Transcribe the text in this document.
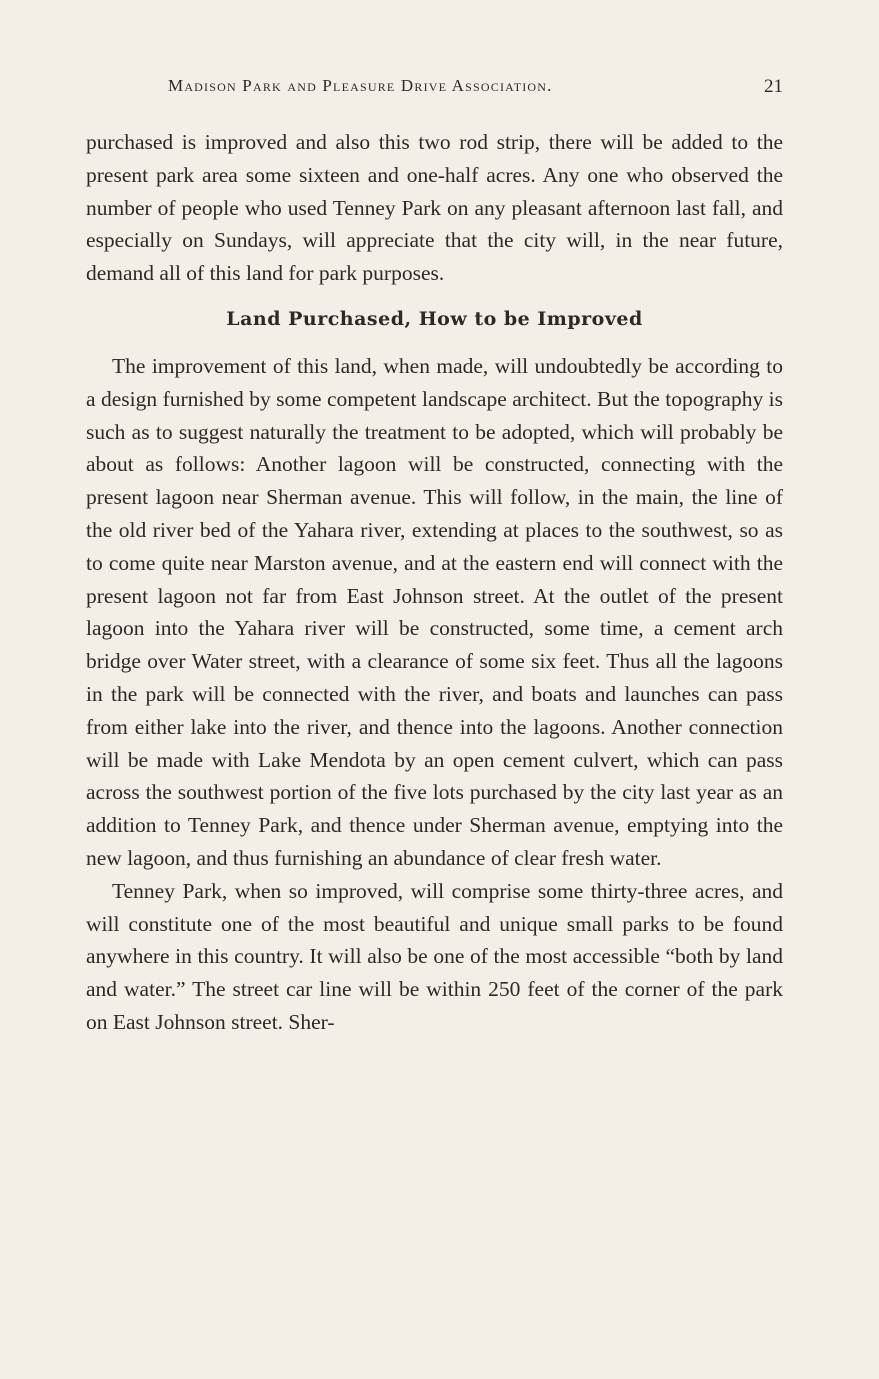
Madison Park and Pleasure Drive Association.	21

purchased is improved and also this two rod strip, there will be added to the present park area some sixteen and one-half acres. Any one who observed the number of people who used Tenney Park on any pleasant afternoon last fall, and especially on Sundays, will appreciate that the city will, in the near future, demand all of this land for park purposes.

Land Purchased, How to be Improved

The improvement of this land, when made, will undoubtedly be according to a design furnished by some competent landscape architect. But the topography is such as to suggest naturally the treatment to be adopted, which will probably be about as follows: Another lagoon will be constructed, connecting with the present lagoon near Sherman avenue. This will follow, in the main, the line of the old river bed of the Yahara river, extending at places to the southwest, so as to come quite near Marston avenue, and at the eastern end will connect with the present lagoon not far from East Johnson street. At the outlet of the present lagoon into the Yahara river will be constructed, some time, a cement arch bridge over Water street, with a clearance of some six feet. Thus all the lagoons in the park will be connected with the river, and boats and launches can pass from either lake into the river, and thence into the lagoons. Another connection will be made with Lake Mendota by an open cement culvert, which can pass across the southwest portion of the five lots purchased by the city last year as an addition to Tenney Park, and thence under Sherman avenue, emptying into the new lagoon, and thus furnishing an abundance of clear fresh water.

Tenney Park, when so improved, will comprise some thirty-three acres, and will constitute one of the most beautiful and unique small parks to be found anywhere in this country. It will also be one of the most accessible “both by land and water.” The street car line will be within 250 feet of the corner of the park on East Johnson street. Sher-
